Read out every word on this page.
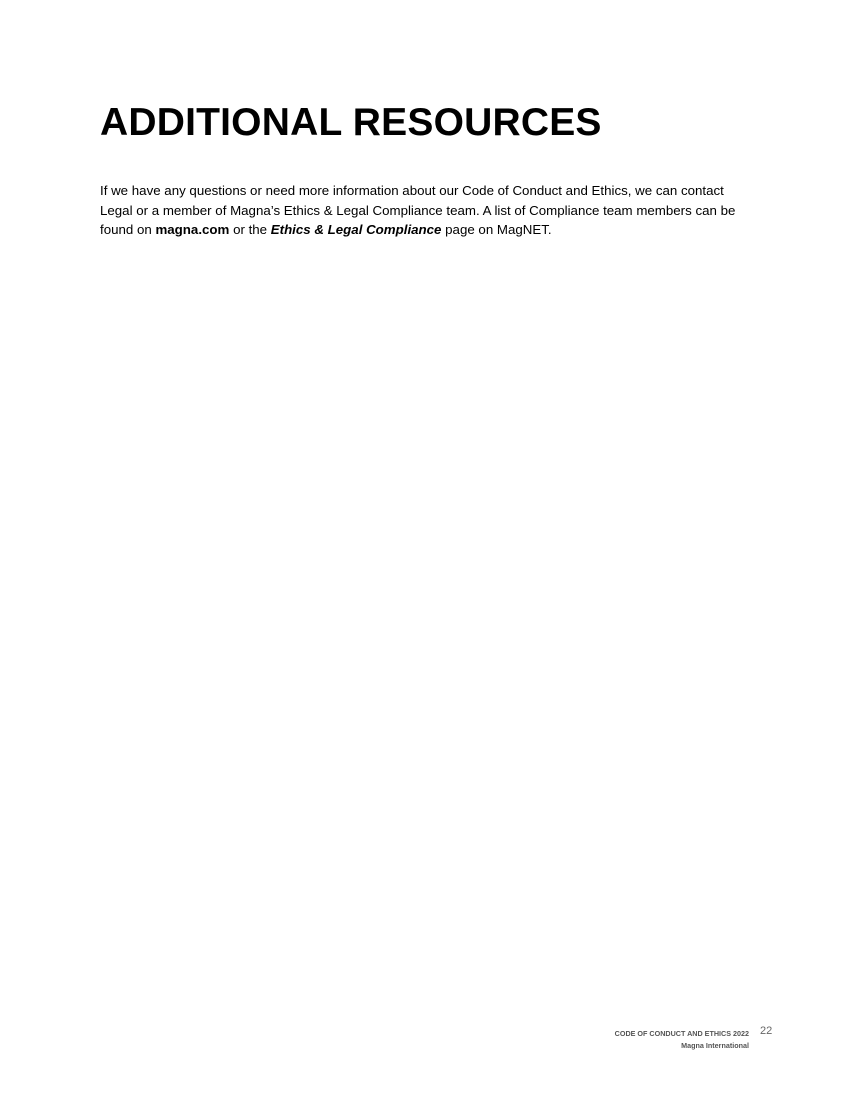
ADDITIONAL RESOURCES

If we have any questions or need more information about our Code of Conduct and Ethics, we can contact Legal or a member of Magna’s Ethics & Legal Compliance team. A list of Compliance team members can be found on magna.com or the Ethics & Legal Compliance page on MagNET.

CODE OF CONDUCT AND ETHICS 2022
Magna International
22
